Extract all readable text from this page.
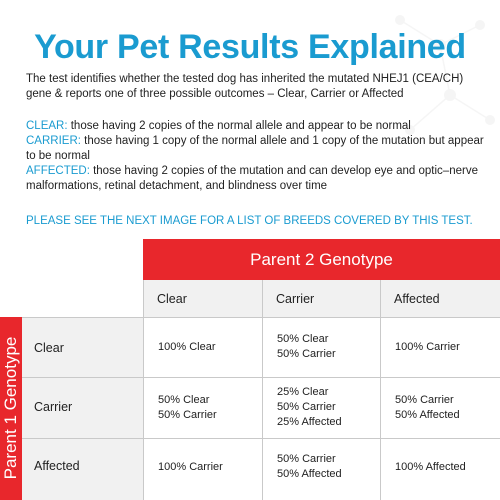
Your Pet Results Explained
The test identifies whether the tested dog has inherited the mutated NHEJ1 (CEA/CH) gene & reports one of three possible outcomes – Clear, Carrier or Affected
CLEAR: those having 2 copies of the normal allele and appear to be normal
CARRIER: those having 1 copy of the normal allele and 1 copy of the mutation but appear to be normal
AFFECTED: those having 2 copies of the mutation and can develop eye and optic–nerve malformations, retinal detachment, and blindness over time
PLEASE SEE THE NEXT IMAGE FOR A LIST OF BREEDS COVERED BY THIS TEST.
Parent 2 Genotype
Clear	Carrier	Affected
Parent 1 Genotype Clear
Carrier
Affected
100% Clear
50% Clear
50% Carrier
100% Carrier
50% Clear
50% Carrier
25% Clear
50% Carrier
25% Affected
50% Carrier
50% Affected
100% Carrier
50% Carrier
50% Affected
100% Affected
